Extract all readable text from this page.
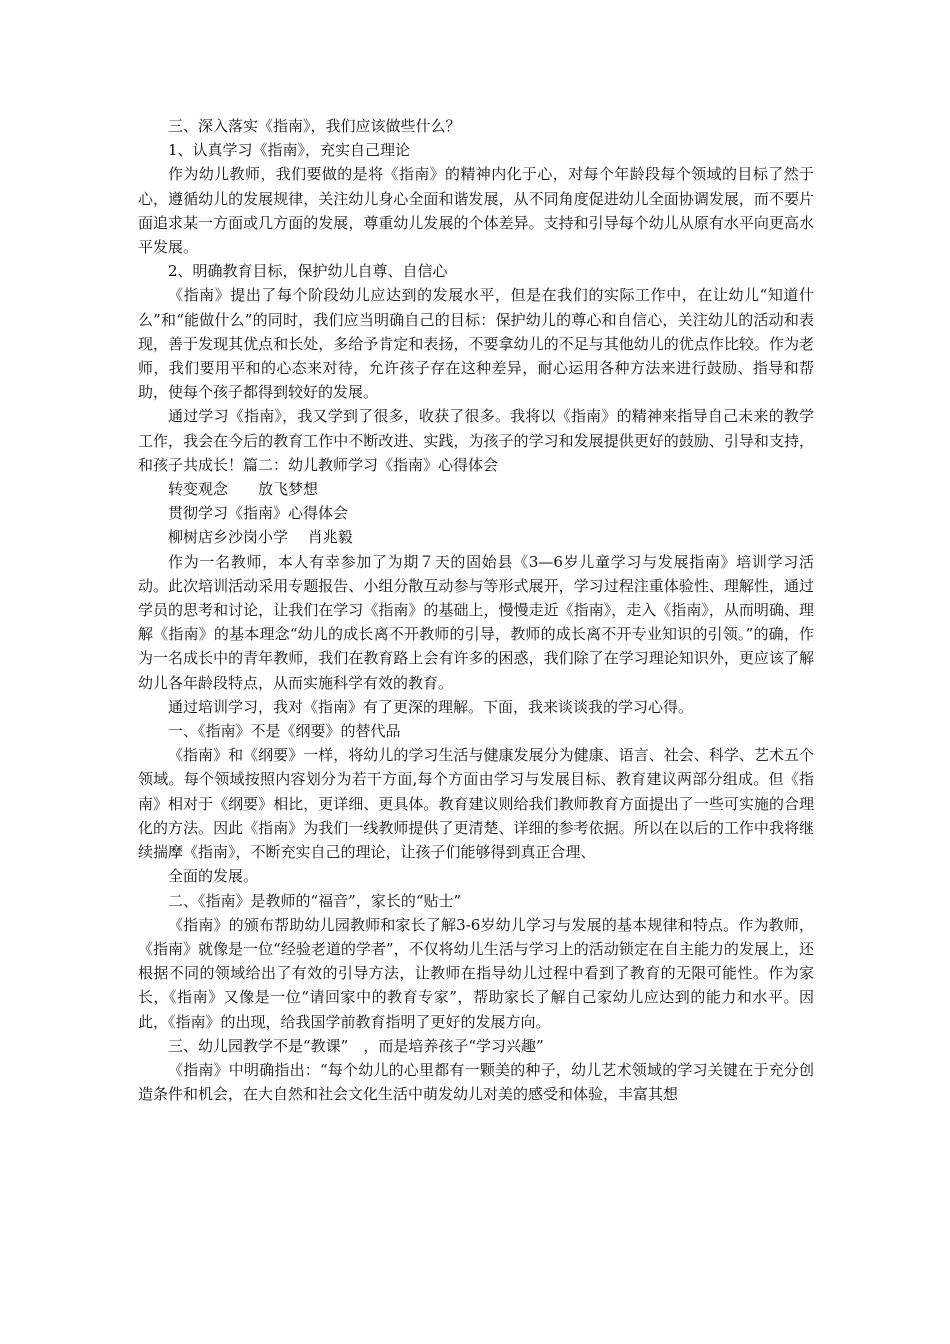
三、深入落实《指南》，我们应该做些什么？

1、认真学习《指南》，充实自己理论

作为幼儿教师，我们要做的是将《指南》的精神内化于心，对每个年龄段每个领域的目标了然于心，遵循幼儿的发展规律，关注幼儿身心全面和谐发展，从不同角度促进幼儿全面协调发展，而不要片面追求某一方面或几方面的发展，尊重幼儿发展的个体差异。支持和引导每个幼儿从原有水平向更高水平发展。

2、明确教育目标，保护幼儿自尊、自信心

《指南》提出了每个阶段幼儿应达到的发展水平，但是在我们的实际工作中，在让幼儿“知道什么”和“能做什么”的同时，我们应当明确自己的目标：保护幼儿的尊心和自信心，关注幼儿的活动和表现，善于发现其优点和长处，多给予肯定和表扬，不要拿幼儿的不足与其他幼儿的优点作比较。作为老师，我们要用平和的心态来对待，允许孩子存在这种差异，耐心运用各种方法来进行鼓励、指导和帮助，使每个孩子都得到较好的发展。

通过学习《指南》，我又学到了很多，收获了很多。我将以《指南》的精神来指导自己未来的教学工作，我会在今后的教育工作中不断改进、实践，为孩子的学习和发展提供更好的鼓励、引导和支持，和孩子共成长！篇二：幼儿教师学习《指南》心得体会

转变观念　　放飞梦想

贯彻学习《指南》心得体会

柳树店乡沙岗小学　 肖兆毅

作为一名教师，本人有幸参加了为期７天的固始县《3—6岁儿童学习与发展指南》培训学习活动。此次培训活动采用专题报告、小组分散互动参与等形式展开，学习过程注重体验性、理解性，通过学员的思考和讨论，让我们在学习《指南》的基础上，慢慢走近《指南》，走入《指南》，从而明确、理解《指南》的基本理念“幼儿的成长离不开教师的引导，教师的成长离不开专业知识的引领。”的确，作为一名成长中的青年教师，我们在教育路上会有许多的困惑，我们除了在学习理论知识外，更应该了解幼儿各年龄段特点，从而实施科学有效的教育。

通过培训学习，我对《指南》有了更深的理解。下面，我来谈谈我的学习心得。

一、《指南》不是《纲要》的替代品

《指南》和《纲要》一样，将幼儿的学习生活与健康发展分为健康、语言、社会、科学、艺术五个领域。每个领域按照内容划分为若干方面,每个方面由学习与发展目标、教育建议两部分组成。但《指南》相对于《纲要》相比，更详细、更具体。教育建议则给我们教师教育方面提出了一些可实施的合理化的方法。因此《指南》为我们一线教师提供了更清楚、详细的参考依据。所以在以后的工作中我将继续揣摩《指南》，不断充实自己的理论，让孩子们能够得到真正合理、

全面的发展。

二、《指南》是教师的“福音”，家长的“贴士”

《指南》的颁布帮助幼儿园教师和家长了解3-6岁幼儿学习与发展的基本规律和特点。作为教师，《指南》就像是一位“经验老道的学者”，不仅将幼儿生活与学习上的活动锁定在自主能力的发展上，还根据不同的领域给出了有效的引导方法，让教师在指导幼儿过程中看到了教育的无限可能性。作为家长，《指南》又像是一位“请回家中的教育专家”，帮助家长了解自己家幼儿应达到的能力和水平。因此，《指南》的出现，给我国学前教育指明了更好的发展方向。

三、幼儿园教学不是“教课”　，而是培养孩子“学习兴趣”

《指南》中明确指出：“每个幼儿的心里都有一颗美的种子，幼儿艺术领域的学习关键在于充分创造条件和机会，在大自然和社会文化生活中萌发幼儿对美的感受和体验，丰富其想
